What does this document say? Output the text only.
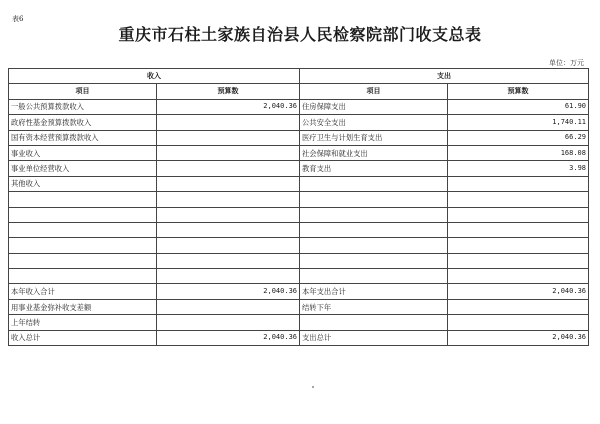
表6
重庆市石柱土家族自治县人民检察院部门收支总表
单位：万元
收入		支出	
项目	预算数	项目	预算数
一般公共预算拨款收入	2,040.36	住房保障支出	61.90
政府性基金预算拨款收入		公共安全支出	1,740.11
国有资本经营预算拨款收入		医疗卫生与计划生育支出	66.29
事业收入		社会保障和就业支出	168.08
事业单位经营收入		教育支出	3.98
其他收入			

本年收入合计	2,040.36	本年支出合计	2,040.36
用事业基金弥补收支差额		结转下年	
上年结转			
收入总计	2,040.36	支出总计	2,040.36
